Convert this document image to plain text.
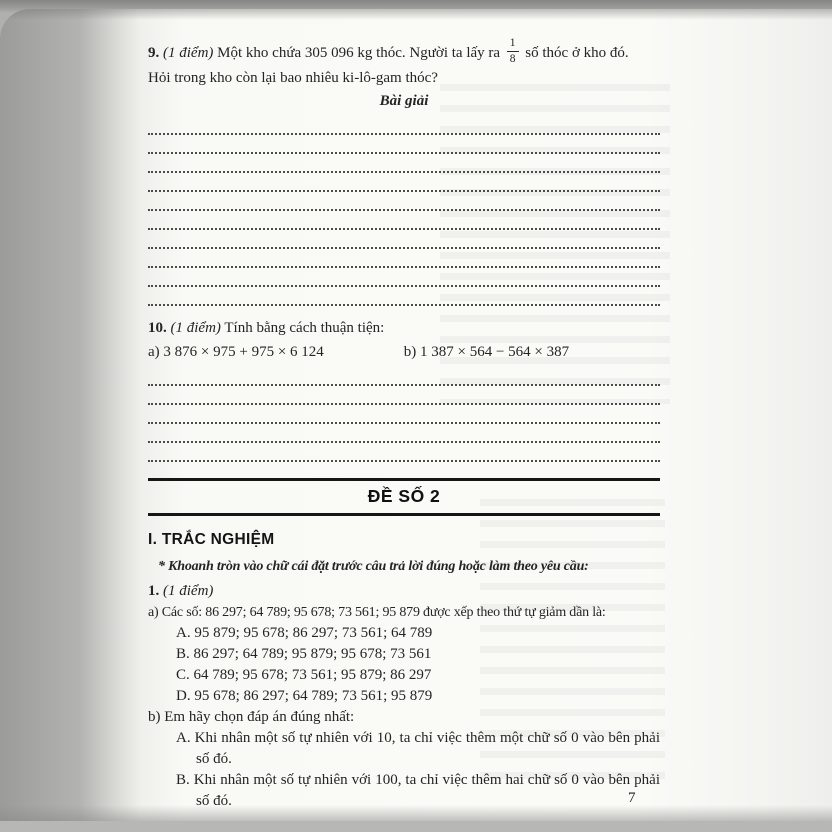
9. (1 điểm) Một kho chứa 305 096 kg thóc. Người ta lấy ra $\frac{1}{8}$ số thóc ở kho đó.

Hỏi trong kho còn lại bao nhiêu ki-lô-gam thóc?

Bài giải

10. (1 điểm) Tính bằng cách thuận tiện:

a) 3 876 × 975 + 975 × 6 124	b) 1 387 × 564 − 564 × 387
ĐỀ SỐ 2

I. TRẮC NGHIỆM

* Khoanh tròn vào chữ cái đặt trước câu trả lời đúng hoặc làm theo yêu cầu:

1. (1 điểm)

a) Các số: 86 297; 64 789; 95 678; 73 561; 95 879 được xếp theo thứ tự giảm dần là:

A. 95 879; 95 678; 86 297; 73 561; 64 789

B. 86 297; 64 789; 95 879; 95 678; 73 561

C. 64 789; 95 678; 73 561; 95 879; 86 297

D. 95 678; 86 297; 64 789; 73 561; 95 879

b) Em hãy chọn đáp án đúng nhất:

A. Khi nhân một số tự nhiên với 10, ta chỉ việc thêm một chữ số 0 vào bên phải số đó.

B. Khi nhân một số tự nhiên với 100, ta chỉ việc thêm hai chữ số 0 vào bên phải số đó.	7
